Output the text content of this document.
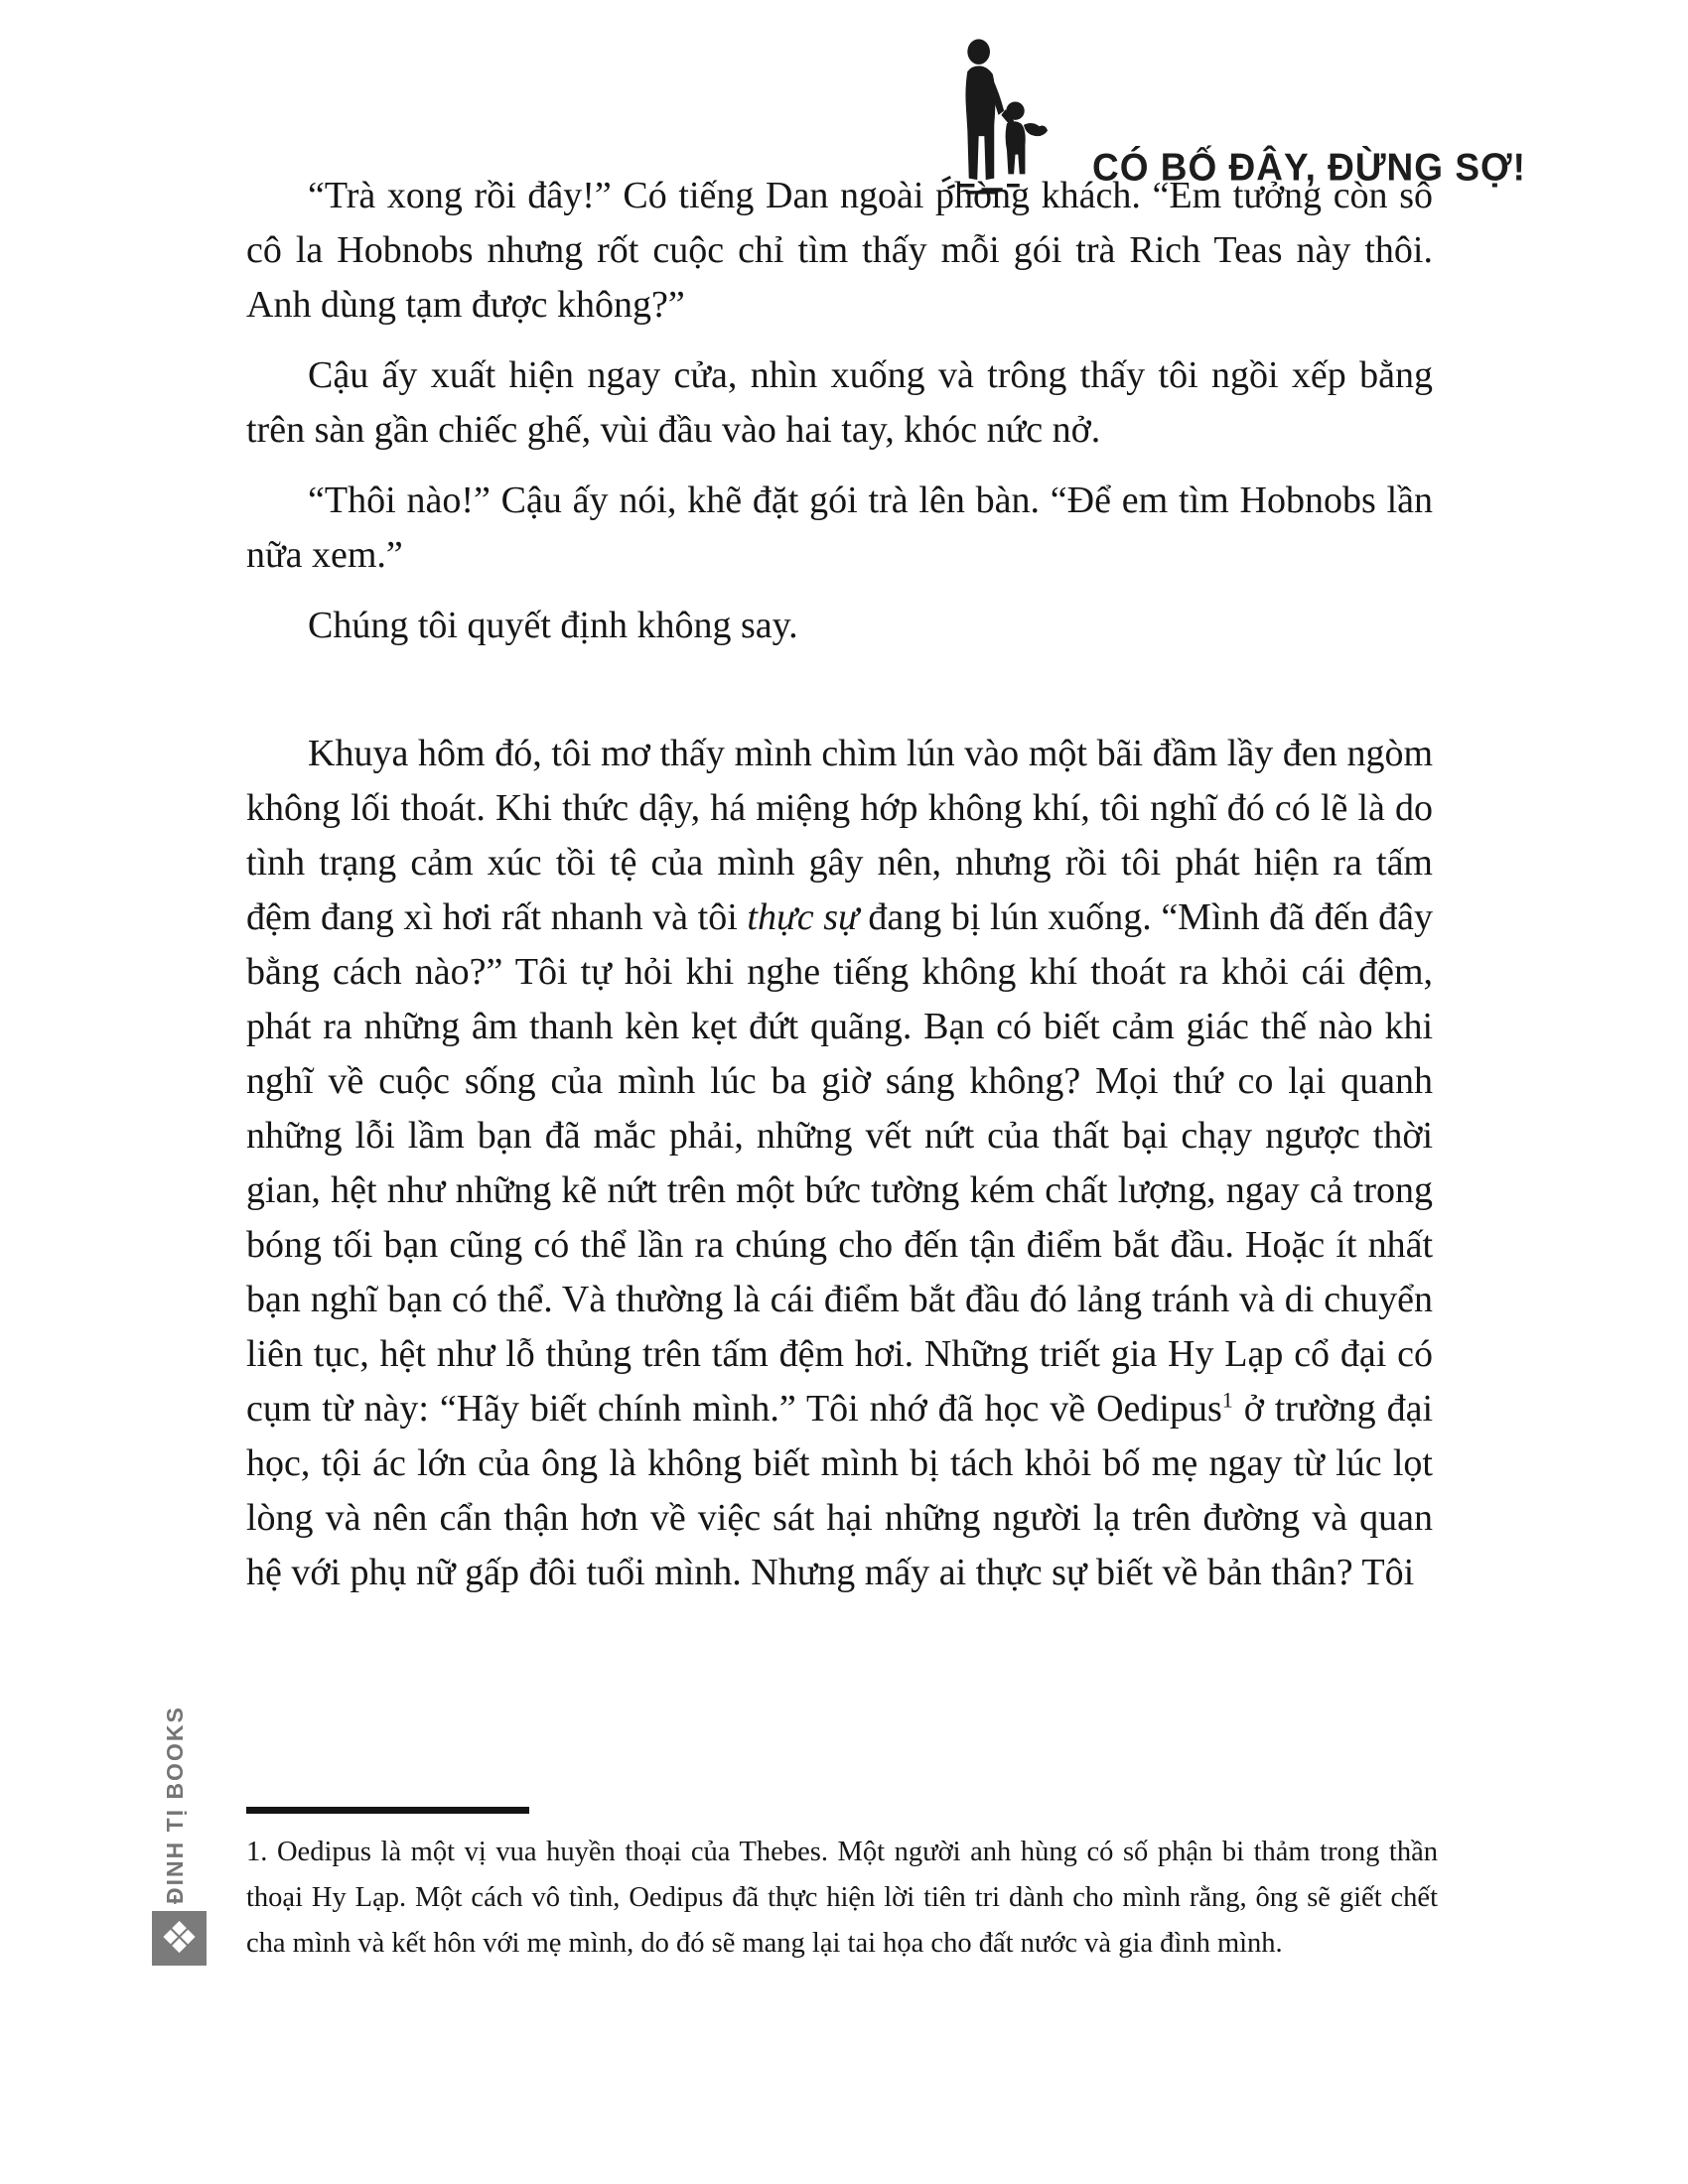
CÓ BỐ ĐÂY, ĐỪNG SỢ!

“Trà xong rồi đây!” Có tiếng Dan ngoài phòng khách. “Em tưởng còn sô cô la Hobnobs nhưng rốt cuộc chỉ tìm thấy mỗi gói trà Rich Teas này thôi. Anh dùng tạm được không?”

Cậu ấy xuất hiện ngay cửa, nhìn xuống và trông thấy tôi ngồi xếp bằng trên sàn gần chiếc ghế, vùi đầu vào hai tay, khóc nức nở.

“Thôi nào!” Cậu ấy nói, khẽ đặt gói trà lên bàn. “Để em tìm Hobnobs lần nữa xem.”

Chúng tôi quyết định không say.

Khuya hôm đó, tôi mơ thấy mình chìm lún vào một bãi đầm lầy đen ngòm không lối thoát. Khi thức dậy, há miệng hớp không khí, tôi nghĩ đó có lẽ là do tình trạng cảm xúc tồi tệ của mình gây nên, nhưng rồi tôi phát hiện ra tấm đệm đang xì hơi rất nhanh và tôi thực sự đang bị lún xuống. “Mình đã đến đây bằng cách nào?” Tôi tự hỏi khi nghe tiếng không khí thoát ra khỏi cái đệm, phát ra những âm thanh kèn kẹt đứt quãng. Bạn có biết cảm giác thế nào khi nghĩ về cuộc sống của mình lúc ba giờ sáng không? Mọi thứ co lại quanh những lỗi lầm bạn đã mắc phải, những vết nứt của thất bại chạy ngược thời gian, hệt như những kẽ nứt trên một bức tường kém chất lượng, ngay cả trong bóng tối bạn cũng có thể lần ra chúng cho đến tận điểm bắt đầu. Hoặc ít nhất bạn nghĩ bạn có thể. Và thường là cái điểm bắt đầu đó lảng tránh và di chuyển liên tục, hệt như lỗ thủng trên tấm đệm hơi. Những triết gia Hy Lạp cổ đại có cụm từ này: “Hãy biết chính mình.” Tôi nhớ đã học về Oedipus$^1$ ở trường đại học, tội ác lớn của ông là không biết mình bị tách khỏi bố mẹ ngay từ lúc lọt lòng và nên cẩn thận hơn về việc sát hại những người lạ trên đường và quan hệ với phụ nữ gấp đôi tuổi mình. Nhưng mấy ai thực sự biết về bản thân? Tôi

1. Oedipus là một vị vua huyền thoại của Thebes. Một người anh hùng có số phận bi thảm trong thần thoại Hy Lạp. Một cách vô tình, Oedipus đã thực hiện lời tiên tri dành cho mình rằng, ông sẽ giết chết cha mình và kết hôn với mẹ mình, do đó sẽ mang lại tai họa cho đất nước và gia đình mình.

ĐINH TỊ BOOKS
❖
